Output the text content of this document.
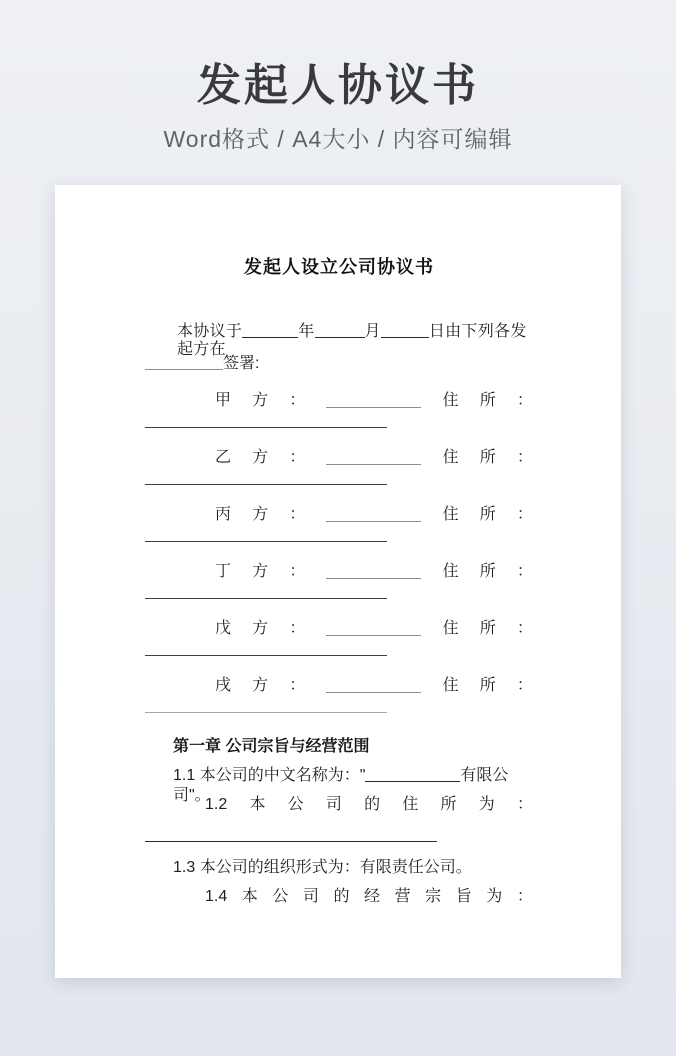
发起人协议书
Word格式 / A4大小 / 内容可编辑
发起人设立公司协议书
本协议于	年	月	日由下列各发起方在
签署:
甲 方 ：	住 所 ：
乙 方 ：	住 所 ：
丙 方 ：	住 所 ：
丁 方 ：	住 所 ：
戊 方 ：	住 所 ：
戌 方 ：	住 所 ：
第一章 公司宗旨与经营范围
1.1 本公司的中文名称为："	有限公司"。
1.2 本 公 司 的 住 所 为 ：
1.3 本公司的组织形式为：有限责任公司。
1.4 本 公 司 的 经 营 宗 旨 为 ：
